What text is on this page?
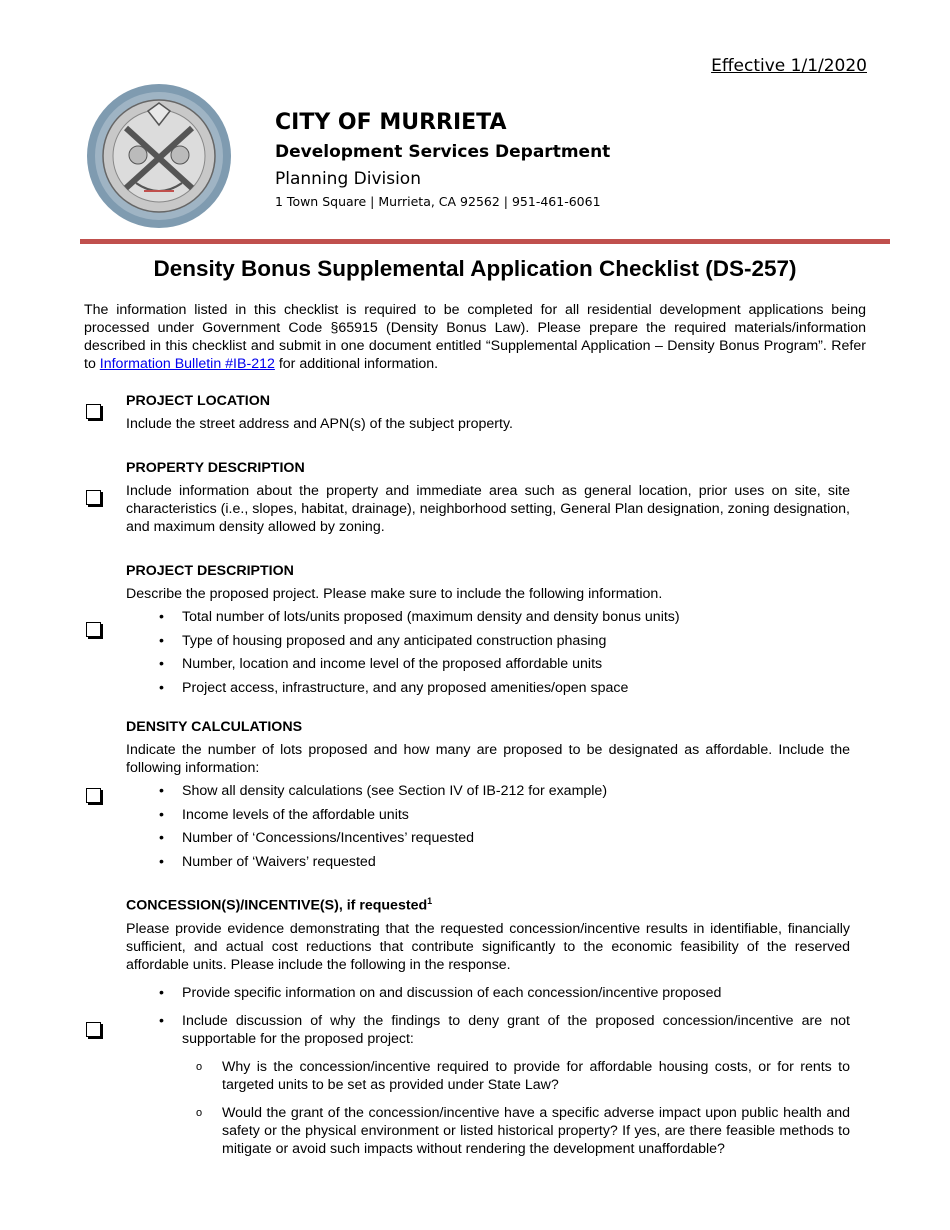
Effective 1/1/2020
CITY OF MURRIETA
Development Services Department
Planning Division
1 Town Square | Murrieta, CA 92562 | 951-461-6061
Density Bonus Supplemental Application Checklist (DS-257)

The information listed in this checklist is required to be completed for all residential development applications being processed under Government Code §65915 (Density Bonus Law). Please prepare the required materials/information described in this checklist and submit in one document entitled “Supplemental Application – Density Bonus Program”. Refer to Information Bulletin #IB-212 for additional information.

PROJECT LOCATION

Include the street address and APN(s) of the subject property.

PROPERTY DESCRIPTION

Include information about the property and immediate area such as general location, prior uses on site, site characteristics (i.e., slopes, habitat, drainage), neighborhood setting, General Plan designation, zoning designation, and maximum density allowed by zoning.

PROJECT DESCRIPTION

Describe the proposed project. Please make sure to include the following information.

• Total number of lots/units proposed (maximum density and density bonus units)
• Type of housing proposed and any anticipated construction phasing
• Number, location and income level of the proposed affordable units
• Project access, infrastructure, and any proposed amenities/open space
DENSITY CALCULATIONS

Indicate the number of lots proposed and how many are proposed to be designated as affordable. Include the following information:

• Show all density calculations (see Section IV of IB-212 for example)
• Income levels of the affordable units
• Number of ‘Concessions/Incentives’ requested
• Number of ‘Waivers’ requested
CONCESSION(S)/INCENTIVE(S), if requested$^1$

Please provide evidence demonstrating that the requested concession/incentive results in identifiable, financially sufficient, and actual cost reductions that contribute significantly to the economic feasibility of the reserved affordable units. Please include the following in the response.

• Provide specific information on and discussion of each concession/incentive proposed
• Include discussion of why the findings to deny grant of the proposed concession/incentive are not supportable for the proposed project:
o Why is the concession/incentive required to provide for affordable housing costs, or for rents to targeted units to be set as provided under State Law?
o Would the grant of the concession/incentive have a specific adverse impact upon public health and safety or the physical environment or listed historical property? If yes, are there feasible methods to mitigate or avoid such impacts without rendering the development unaffordable?
